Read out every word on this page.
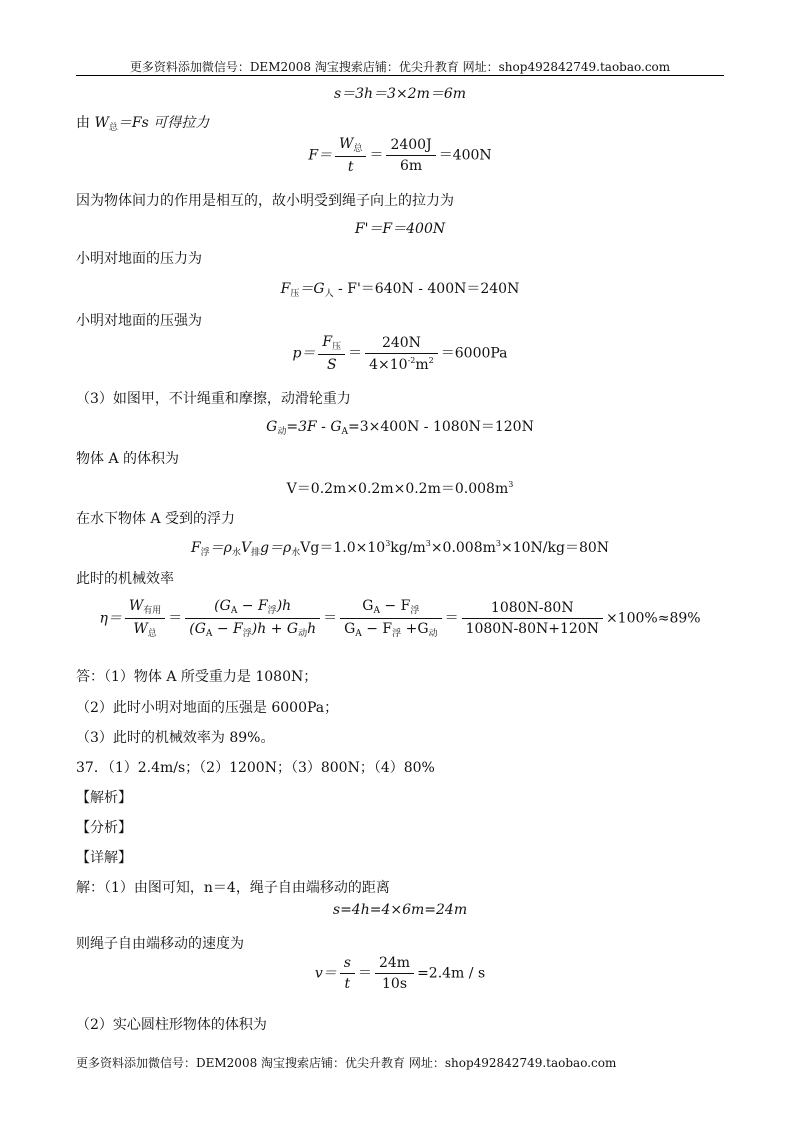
更多资料添加微信号：DEM2008 淘宝搜索店铺：优尖升教育 网址：shop492842749.taobao.com
s＝3h＝3×2m＝6m
由 $W_总=Fs$ 可得拉力
$F= \frac{W_总}{t} = \frac{2400J}{6m} =400N$
因为物体间力的作用是相互的，故小明受到绳子向上的拉力为
F'＝F＝400N
小明对地面的压力为
$F_压=G_人 - F'=640N - 400N=240N$
小明对地面的压强为
$p= \frac{F_压}{S} = \frac{240N}{4\times 10^{-2}m^2} =6000Pa$
（3）如图甲，不计绳重和摩擦，动滑轮重力
$G_动=3F - G_A=3\times 400N - 1080N=120N$
物体 A 的体积为
$V=0.2m\times 0.2m\times 0.2m=0.008m^3$
在水下物体 A 受到的浮力
$F_浮=\rho_水V_排g=\rho_水Vg=1.0\times 10^3kg/m^3\times 0.008m^3\times 10N/kg=80N$
此时的机械效率
$\eta= \frac{W_{有用}}{W_总} = \frac{(G_A - F_浮)h}{(G_A - F_浮)h + G_动h} = \frac{G_A - F_浮}{G_A - F_浮 +G_动} = \frac{1080N-80N}{1080N-80N+120N} \times 100\%\approx 89\%$
答：（1）物体 A 所受重力是 1080N；
（2）此时小明对地面的压强是 6000Pa；
（3）此时的机械效率为 89%。
37．（1）2.4m/s；（2）1200N；（3）800N；（4）80%
【解析】
【分析】
【详解】
解：（1）由图可知，n＝4，绳子自由端移动的距离
s=4h=4×6m=24m
则绳子自由端移动的速度为
$v= \frac{s}{t} = \frac{24m}{10s} =2.4m / s$
（2）实心圆柱形物体的体积为
更多资料添加微信号：DEM2008 淘宝搜索店铺：优尖升教育 网址：shop492842749.taobao.com
